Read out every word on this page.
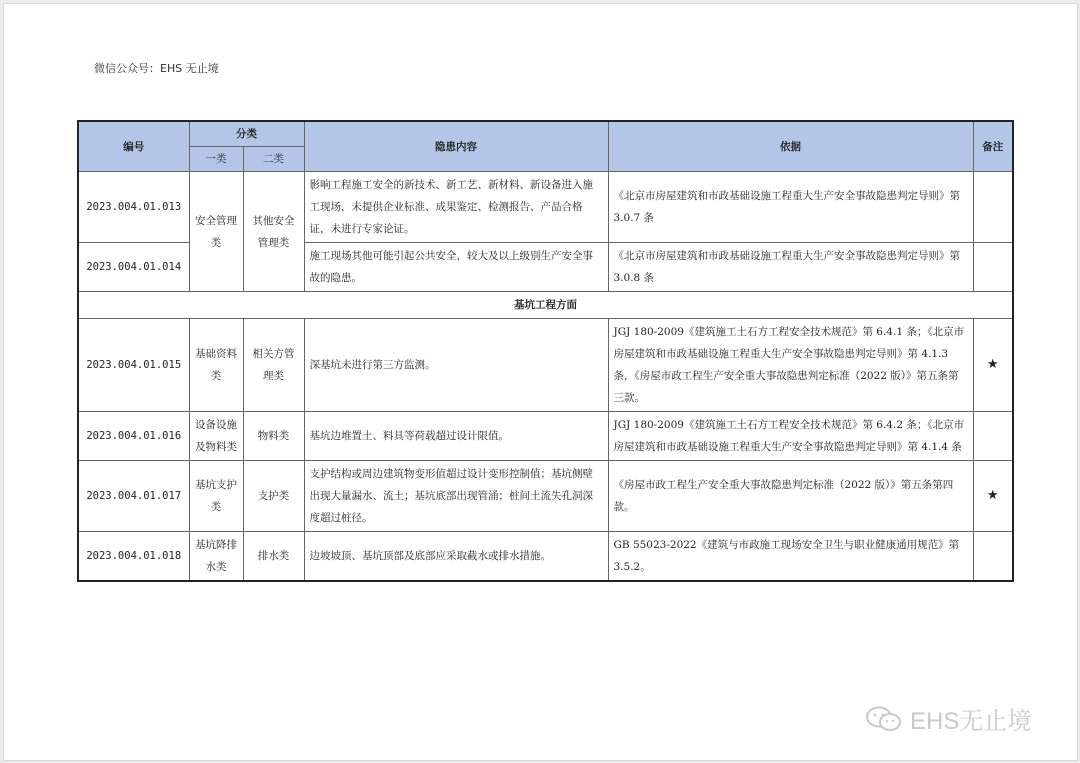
微信公众号：EHS 无止境
编号	分类		隐患内容	依据	备注
	一类	二类			
2023.004.01.013	安全管理类	其他安全管理类	影响工程施工安全的新技术、新工艺、新材料、新设备进入施工现场，未提供企业标准、成果鉴定、检测报告、产品合格证，未进行专家论证。	《北京市房屋建筑和市政基础设施工程重大生产安全事故隐患判定导则》第 3.0.7 条	
2023.004.01.014			施工现场其他可能引起公共安全，较大及以上级别生产安全事故的隐患。	《北京市房屋建筑和市政基础设施工程重大生产安全事故隐患判定导则》第 3.0.8 条	
基坑工程方面					
2023.004.01.015	基础资料类	相关方管理类	深基坑未进行第三方监测。	JGJ 180-2009《建筑施工土石方工程安全技术规范》第 6.4.1 条；《北京市房屋建筑和市政基础设施工程重大生产安全事故隐患判定导则》第 4.1.3 条，《房屋市政工程生产安全重大事故隐患判定标准（2022 版）》第五条第三款。	★
2023.004.01.016	设备设施及物料类	物料类	基坑边堆置土、料具等荷载超过设计限值。	JGJ 180-2009《建筑施工土石方工程安全技术规范》第 6.4.2 条；《北京市房屋建筑和市政基础设施工程重大生产安全事故隐患判定导则》第 4.1.4 条	
2023.004.01.017	基坑支护类	支护类	支护结构或周边建筑物变形值超过设计变形控制值；基坑侧壁出现大量漏水、流土；基坑底部出现管涌；桩间土流失孔洞深度超过桩径。	《房屋市政工程生产安全重大事故隐患判定标准（2022 版）》第五条第四款。	★
2023.004.01.018	基坑降排水类	排水类	边坡坡顶、基坑顶部及底部应采取截水或排水措施。	GB 55023-2022《建筑与市政施工现场安全卫生与职业健康通用规范》第 3.5.2。	
EHS无止境
